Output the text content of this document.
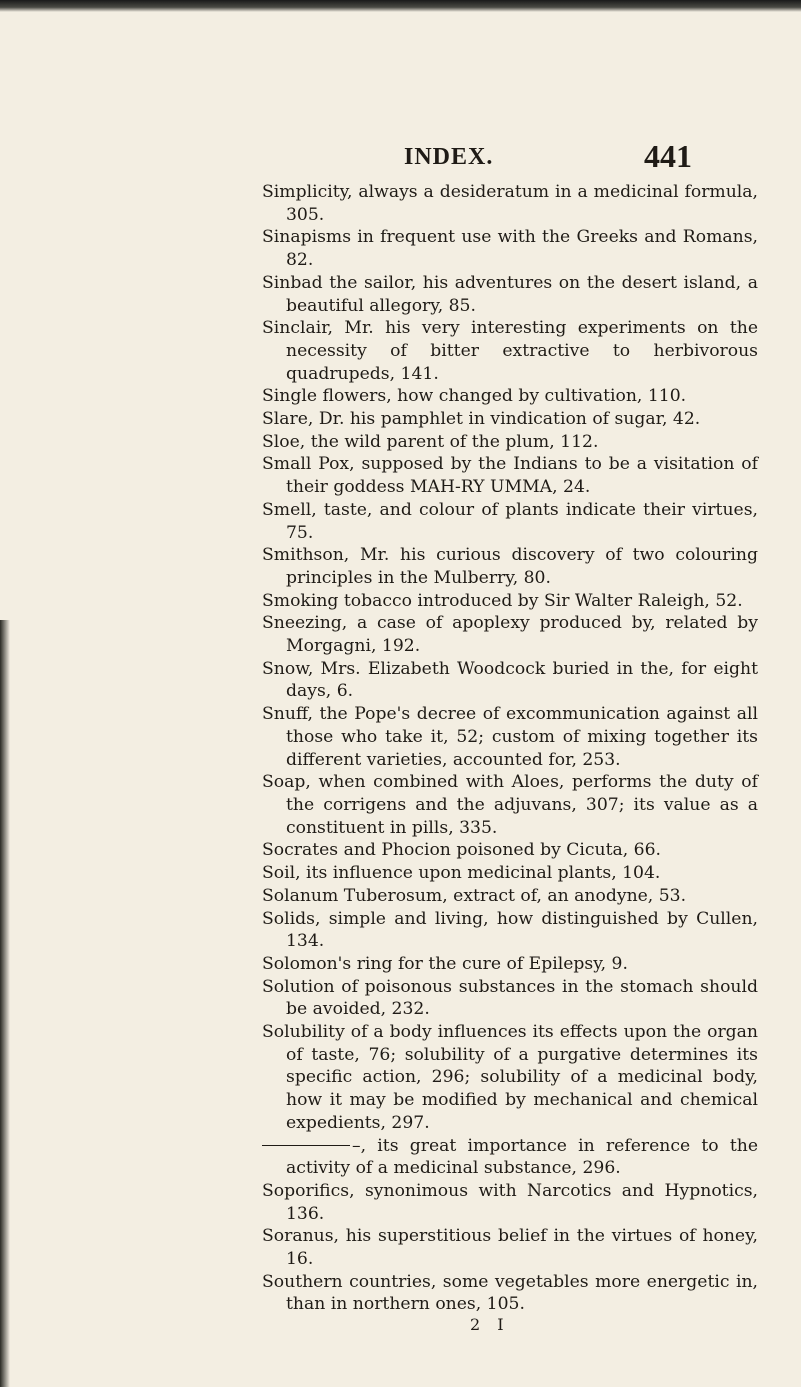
INDEX.	441

Simplicity, always a desideratum in a medicinal formula, 305.

Sinapisms in frequent use with the Greeks and Romans, 82.

Sinbad the sailor, his adventures on the desert island, a beautiful allegory, 85.

Sinclair, Mr. his very interesting experiments on the necessity of bitter extractive to herbivorous quadrupeds, 141.

Single flowers, how changed by cultivation, 110.

Slare, Dr. his pamphlet in vindication of sugar, 42.

Sloe, the wild parent of the plum, 112.

Small Pox, supposed by the Indians to be a visitation of their goddess MAH-RY UMMA, 24.

Smell, taste, and colour of plants indicate their virtues, 75.

Smithson, Mr. his curious discovery of two colouring principles in the Mulberry, 80.

Smoking tobacco introduced by Sir Walter Raleigh, 52.

Sneezing, a case of apoplexy produced by, related by Morgagni, 192.

Snow, Mrs. Elizabeth Woodcock buried in the, for eight days, 6.

Snuff, the Pope's decree of excommunication against all those who take it, 52; custom of mixing together its different varieties, accounted for, 253.

Soap, when combined with Aloes, performs the duty of the corrigens and the adjuvans, 307; its value as a constituent in pills, 335.

Socrates and Phocion poisoned by Cicuta, 66.

Soil, its influence upon medicinal plants, 104.

Solanum Tuberosum, extract of, an anodyne, 53.

Solids, simple and living, how distinguished by Cullen, 134.

Solomon's ring for the cure of Epilepsy, 9.

Solution of poisonous substances in the stomach should be avoided, 232.

Solubility of a body influences its effects upon the organ of taste, 76; solubility of a purgative determines its specific action, 296; solubility of a medicinal body, how it may be modified by mechanical and chemical expedients, 297.

–, its great importance in reference to the activity of a medicinal substance, 296.

Soporifics, synonimous with Narcotics and Hypnotics, 136.

Soranus, his superstitious belief in the virtues of honey, 16.

Southern countries, some vegetables more energetic in, than in northern ones, 105.

2 I
